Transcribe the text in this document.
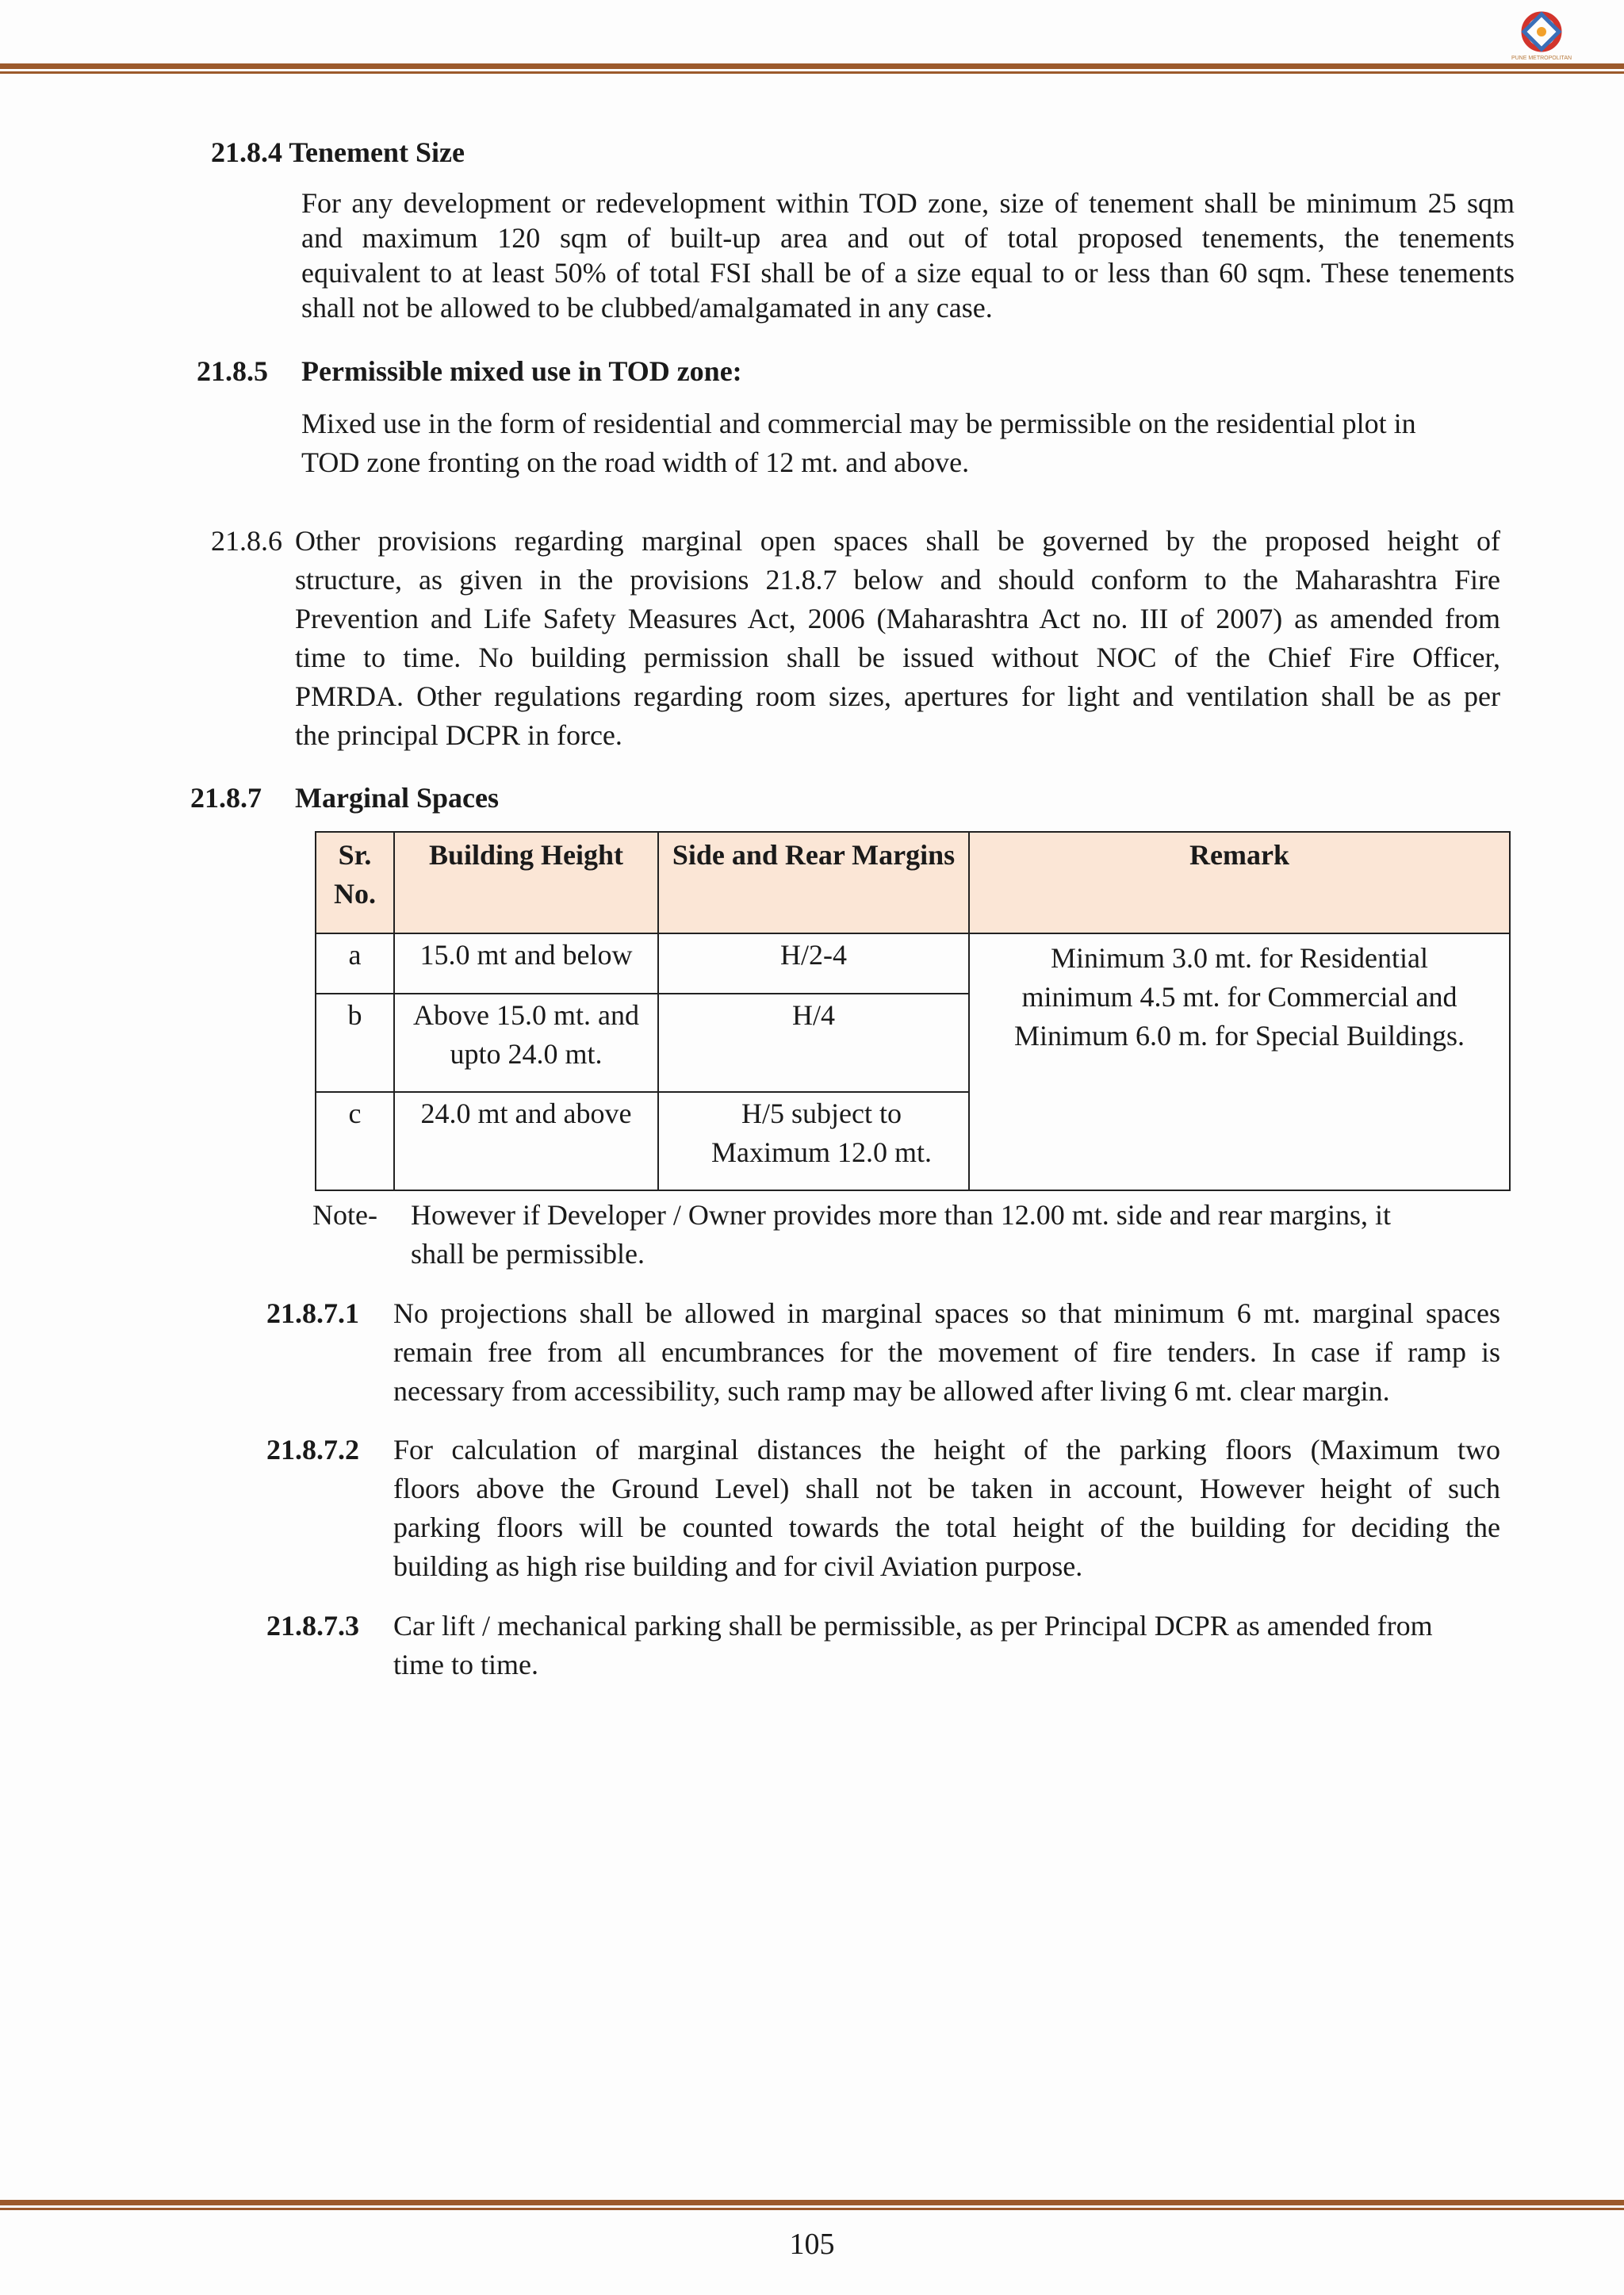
PUNE METROPOLITAN
21.8.4 Tenement Size
For any development or redevelopment within TOD zone, size of tenement shall be minimum 25 sqm
and maximum 120 sqm of built-up area and out of total proposed tenements, the tenements
equivalent to at least 50% of total FSI shall be of a size equal to or less than 60 sqm. These tenements
shall not be allowed to be clubbed/amalgamated in any case.
21.8.5 Permissible mixed use in TOD zone:
Mixed use in the form of residential and commercial may be permissible on the residential plot in
TOD zone fronting on the road width of 12 mt. and above.
21.8.6 Other provisions regarding marginal open spaces shall be governed by the proposed height of
structure, as given in the provisions 21.8.7 below and should conform to the Maharashtra Fire
Prevention and Life Safety Measures Act, 2006 (Maharashtra Act no. III of 2007) as amended from
time to time. No building permission shall be issued without NOC of the Chief Fire Officer,
PMRDA. Other regulations regarding room sizes, apertures for light and ventilation shall be as per
the principal DCPR in force.
21.8.7 Marginal Spaces
Sr. No.	Building Height	Side and Rear Margins	Remark
a	15.0 mt and below	H/2-4	Minimum 3.0 mt. for Residential
minimum 4.5 mt. for Commercial and
Minimum 6.0 m. for Special Buildings.

b	Above 15.0 mt. and upto 24.0 mt.	H/4	
c	24.0 mt and above	H/5 subject to Maximum 12.0 mt.	
Note- However if Developer / Owner provides more than 12.00 mt. side and rear margins, it
shall be permissible.
21.8.7.1 No projections shall be allowed in marginal spaces so that minimum 6 mt. marginal spaces
remain free from all encumbrances for the movement of fire tenders. In case if ramp is
necessary from accessibility, such ramp may be allowed after living 6 mt. clear margin.
21.8.7.2 For calculation of marginal distances the height of the parking floors (Maximum two
floors above the Ground Level) shall not be taken in account, However height of such
parking floors will be counted towards the total height of the building for deciding the
building as high rise building and for civil Aviation purpose.
21.8.7.3 Car lift / mechanical parking shall be permissible, as per Principal DCPR as amended from
time to time.
105
